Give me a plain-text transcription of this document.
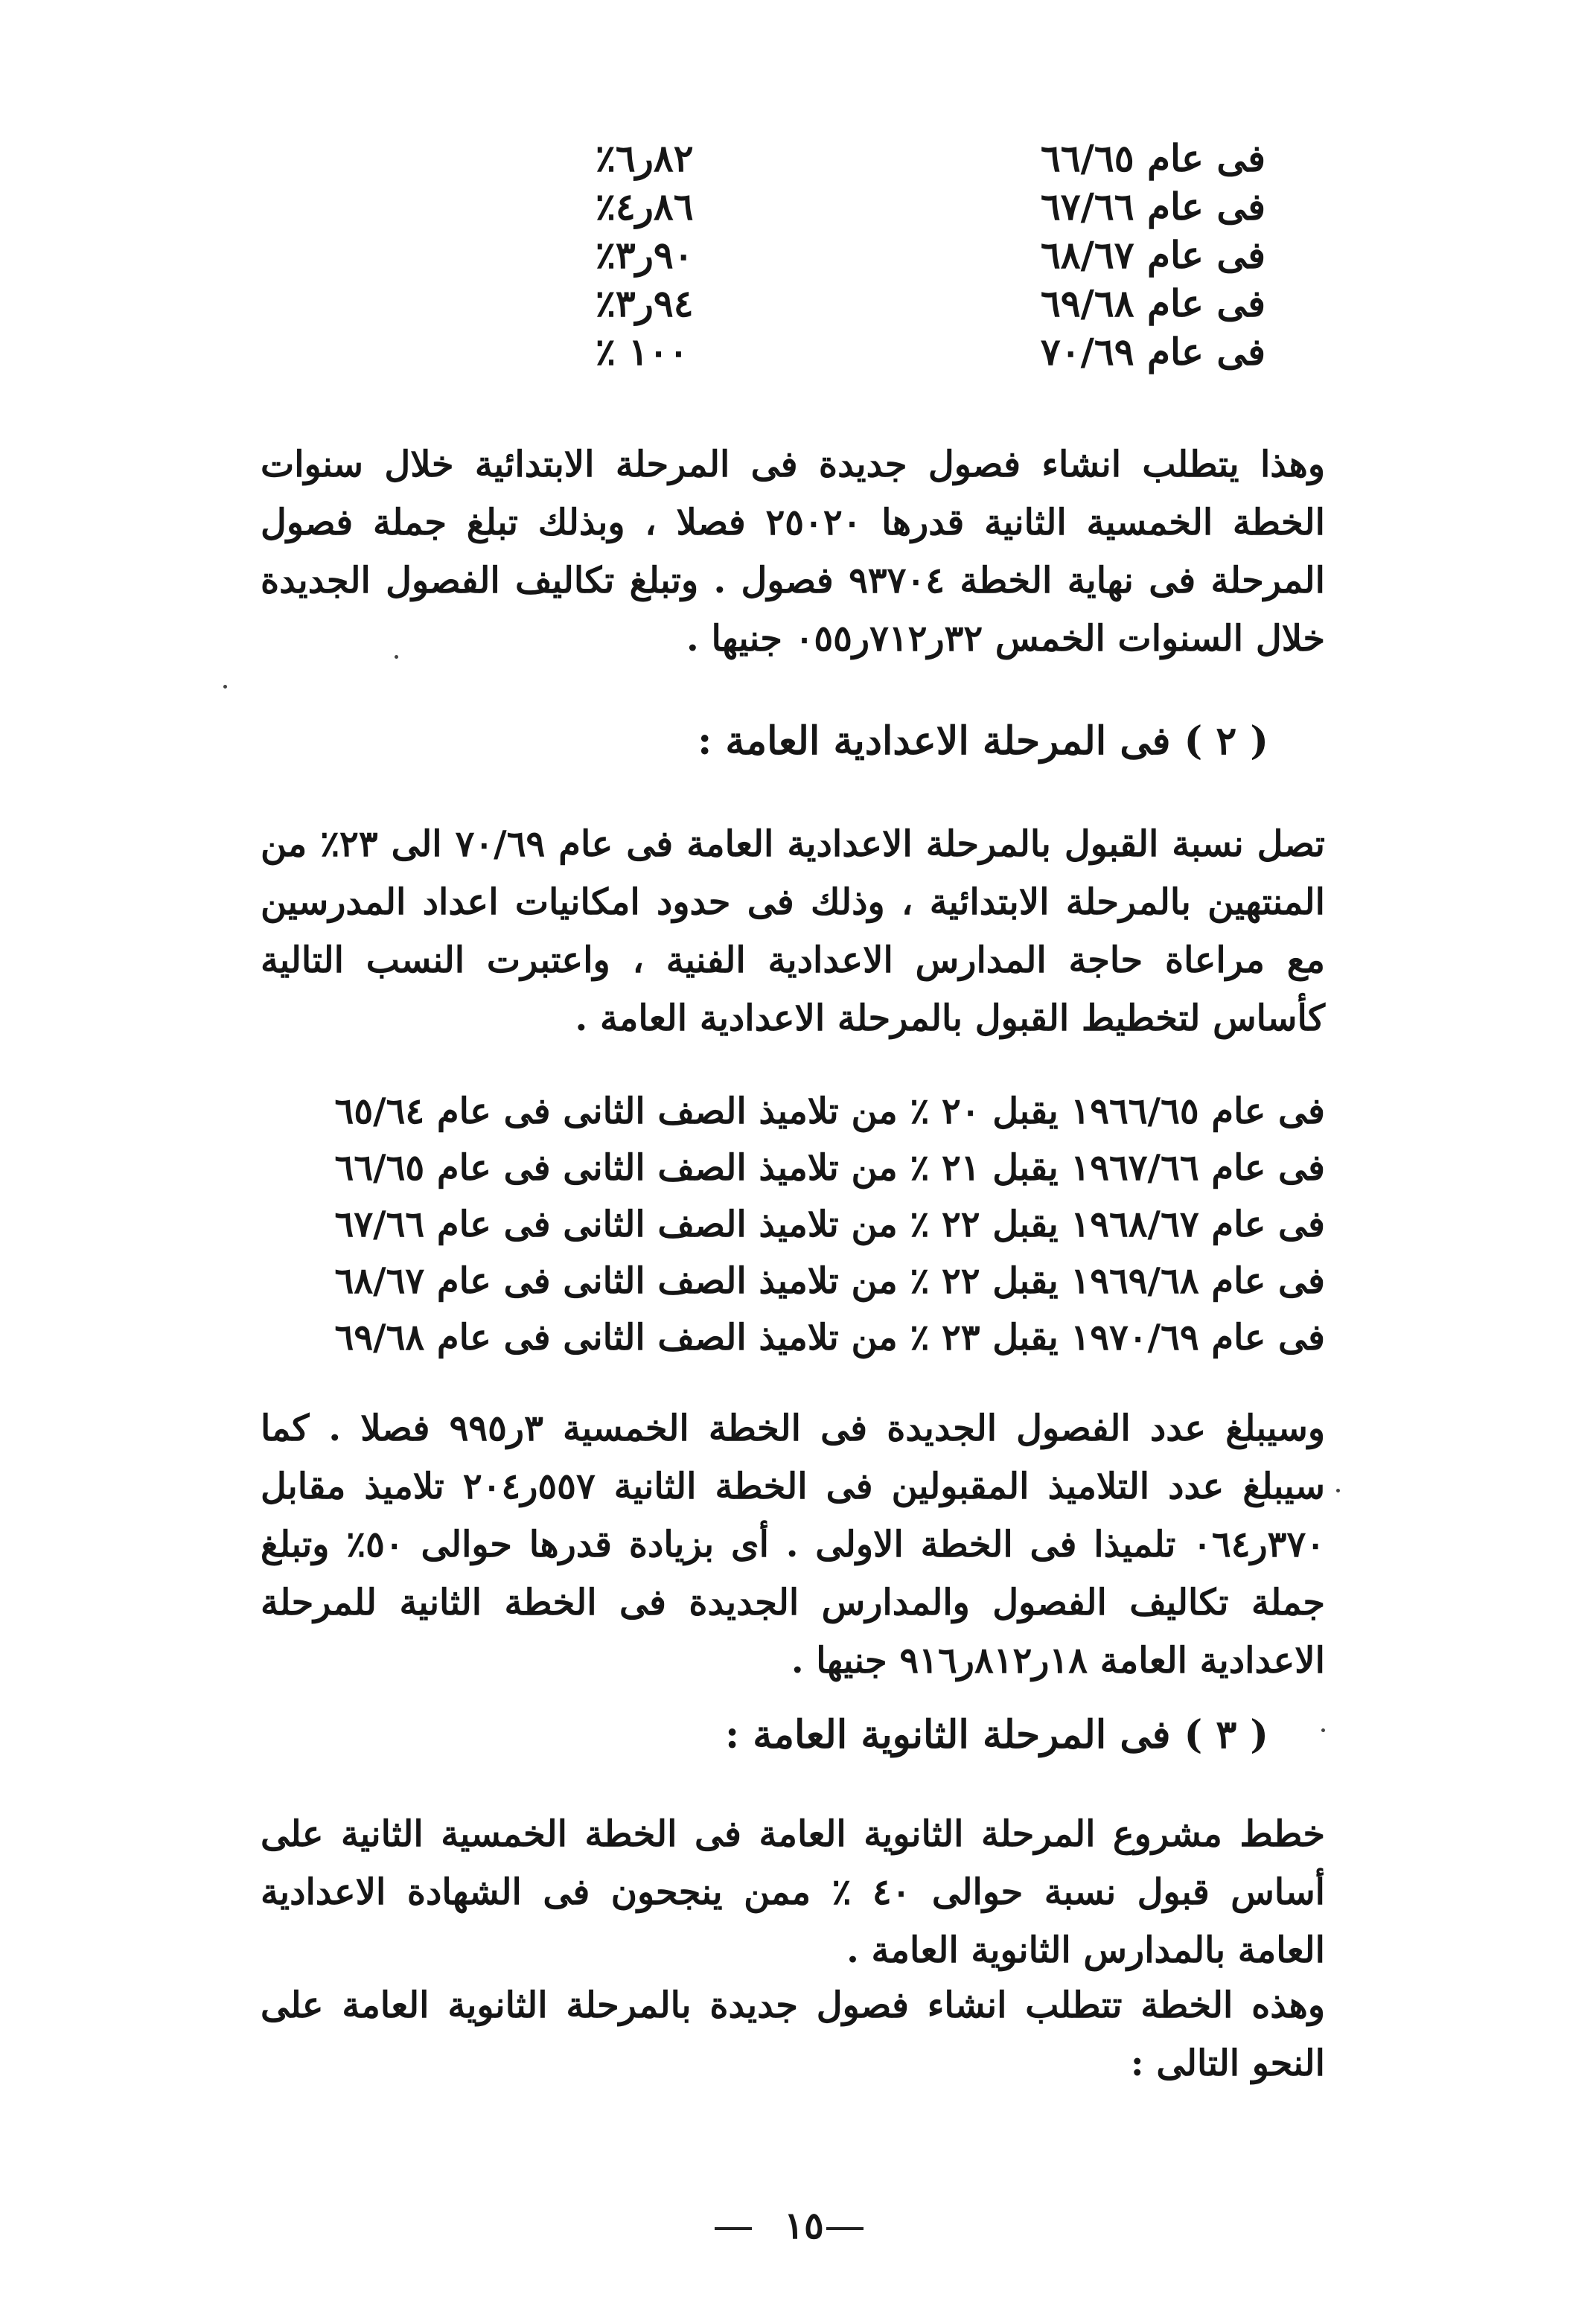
فى عام ٦٦/٦٥
٨٢ر٦٪
فى عام ٦٧/٦٦
٨٦ر٤٪
فى عام ٦٨/٦٧
٩٠ر٣٪
فى عام ٦٩/٦٨
٩٤ر٣٪
فى عام ٧٠/٦٩
١٠٠ ٪

وهذا يتطلب انشاء فصول جديدة فى المرحلة الابتدائية خلال سنوات الخطة الخمسية الثانية قدرها ٢٥٠٢٠ فصلا ، وبذلك تبلغ جملة فصول المرحلة فى نهاية الخطة ٩٣٧٠٤ فصول . وتبلغ تكاليف الفصول الجديدة خلال السنوات الخمس ٣٢ر٧١٢ر٠٥٥ جنيها .

( ٢ ) فى المرحلة الاعدادية العامة :

تصل نسبة القبول بالمرحلة الاعدادية العامة فى عام ٧٠/٦٩ الى ٢٣٪ من المنتهين بالمرحلة الابتدائية ، وذلك فى حدود امكانيات اعداد المدرسين مع مراعاة حاجة المدارس الاعدادية الفنية ، واعتبرت النسب التالية كأساس لتخطيط القبول بالمرحلة الاعدادية العامة .

فى عام ١٩٦٦/٦٥ يقبل ٢٠ ٪ من تلاميذ الصف الثانى فى عام ٦٥/٦٤
فى عام ١٩٦٧/٦٦ يقبل ٢١ ٪ من تلاميذ الصف الثانى فى عام ٦٦/٦٥
فى عام ١٩٦٨/٦٧ يقبل ٢٢ ٪ من تلاميذ الصف الثانى فى عام ٦٧/٦٦
فى عام ١٩٦٩/٦٨ يقبل ٢٢ ٪ من تلاميذ الصف الثانى فى عام ٦٨/٦٧
فى عام ١٩٧٠/٦٩ يقبل ٢٣ ٪ من تلاميذ الصف الثانى فى عام ٦٩/٦٨

وسيبلغ عدد الفصول الجديدة فى الخطة الخمسية ٣ر٩٩٥ فصلا . كما سيبلغ عدد التلاميذ المقبولين فى الخطة الثانية ٥٥٧ر٢٠٤ تلاميذ مقابل ٣٧٠ر٠٦٤ تلميذا فى الخطة الاولى . أى بزيادة قدرها حوالى ٥٠٪ وتبلغ جملة تكاليف الفصول والمدارس الجديدة فى الخطة الثانية للمرحلة الاعدادية العامة ١٨ر٨١٢ر٩١٦ جنيها .

( ٣ ) فى المرحلة الثانوية العامة :

خطط مشروع المرحلة الثانوية العامة فى الخطة الخمسية الثانية على أساس قبول نسبة حوالى ٤٠ ٪ ممن ينجحون فى الشهادة الاعدادية العامة بالمدارس الثانوية العامة .

وهذه الخطة تتطلب انشاء فصول جديدة بالمرحلة الثانوية العامة على النحو التالى :

١٥
